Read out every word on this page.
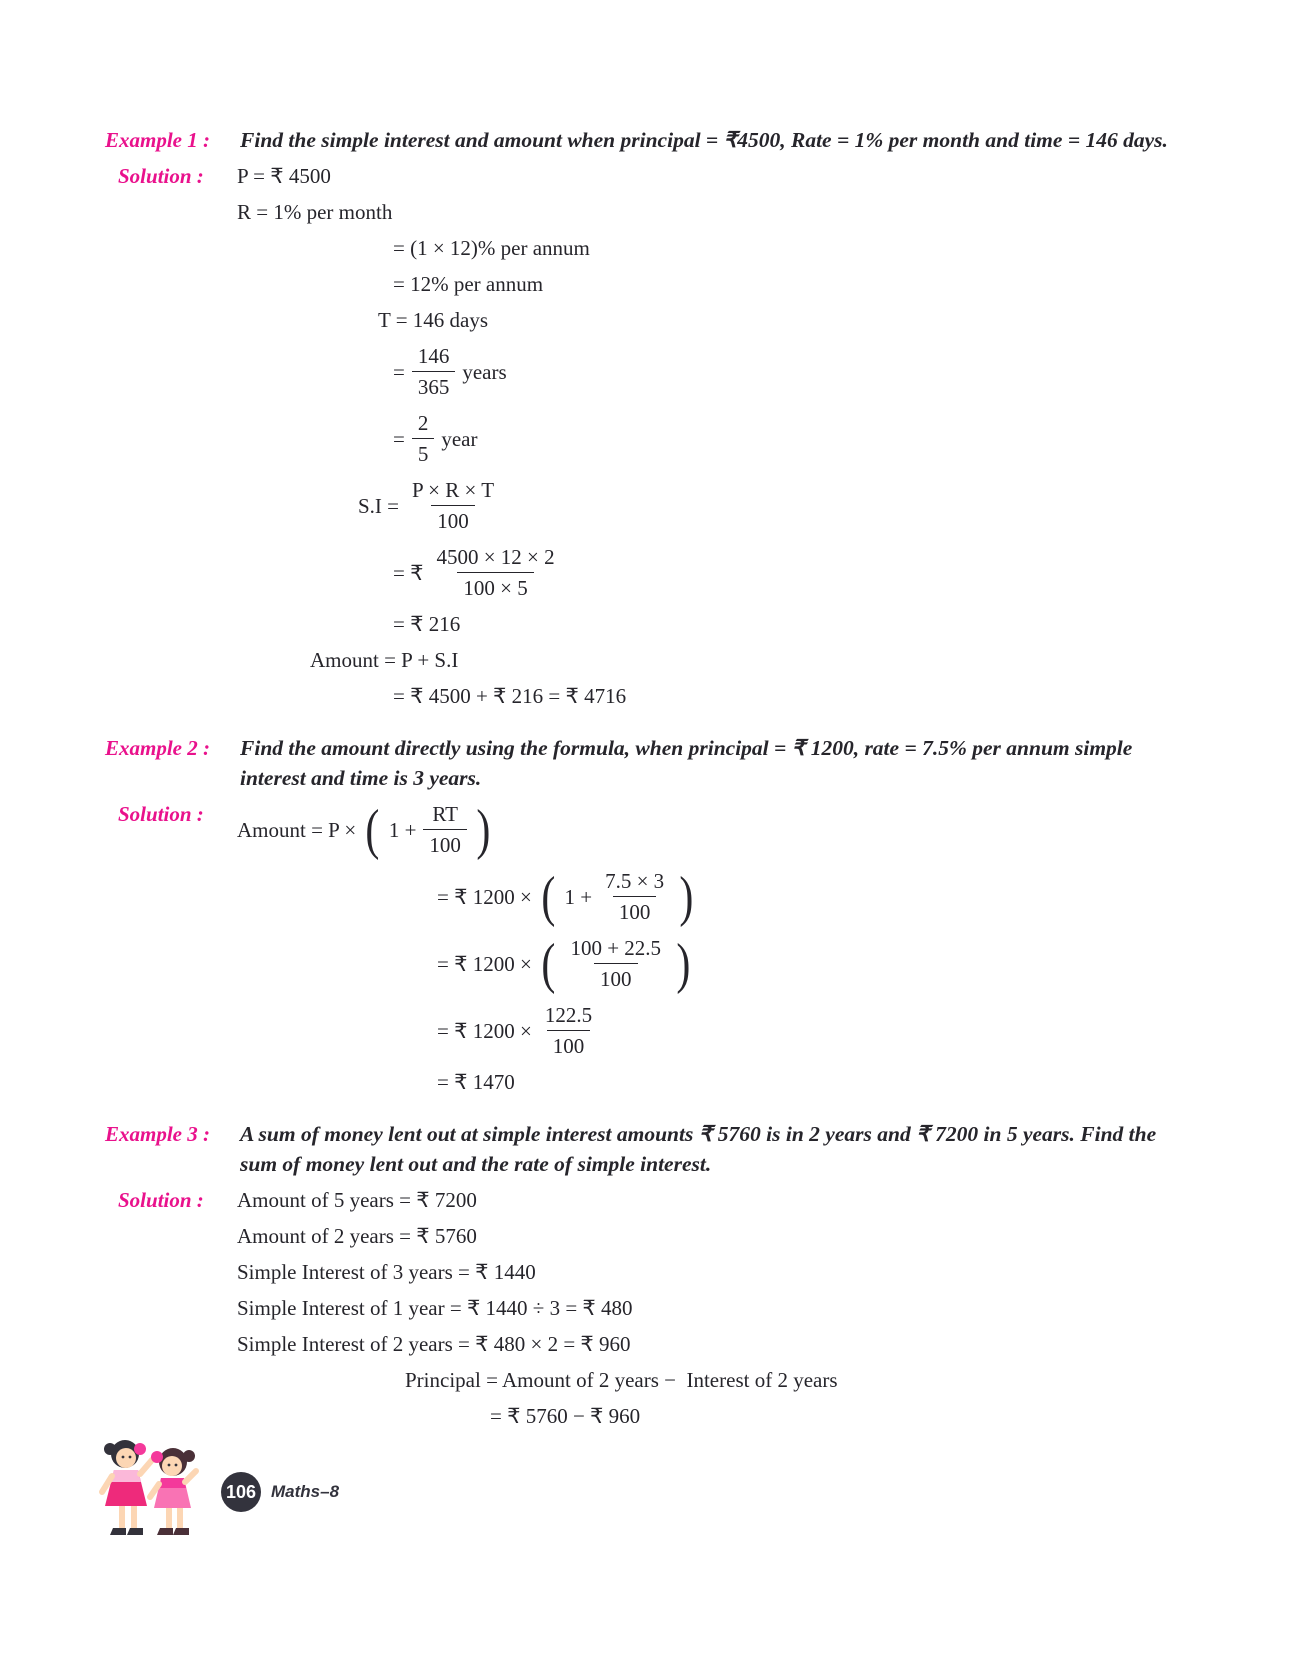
Example 1 :	Find the simple interest and amount when principal = ₹4500, Rate = 1% per month and time = 146 days.
Solution :	P = ₹ 4500
R = 1% per month
= (1 × 12)% per annum
= 12% per annum
T = 146 days
= $\frac{146}{365}$ years
= $\frac{2}{5}$ year
$S.I = \frac{P \times R \times T}{100}$
= ₹ $\frac{4500 \times 12 \times 2}{100 \times 5}$
= ₹ 216
Amount = P + S.I
= ₹ 4500 + ₹ 216 = ₹ 4716
Example 2 :	Find the amount directly using the formula, when principal = ₹ 1200, rate = 7.5% per annum simple interest and time is 3 years.
Solution :
Amount = P × ( $1 + \frac{RT}{100}$ )
= ₹ 1200 × ( $1 + \frac{7.5 \times 3}{100}$ )
= ₹ 1200 × ( $\frac{100 + 22.5}{100}$ )
= ₹ $1200 \times \frac{122.5}{100}$
= ₹ 1470
Example 3 :	A sum of money lent out at simple interest amounts ₹ 5760 is in 2 years and ₹ 7200 in 5 years. Find the sum of money lent out and the rate of simple interest.
Solution :	Amount of 5 years = ₹ 7200
Amount of 2 years = ₹ 5760
Simple Interest of 3 years = ₹ 1440
Simple Interest of 1 year = ₹ 1440 ÷ 3 = ₹ 480
Simple Interest of 2 years = ₹ 480 × 2 = ₹ 960
Principal = Amount of 2 years −  Interest of 2 years
= ₹ 5760 − ₹ 960
106 Maths–8
